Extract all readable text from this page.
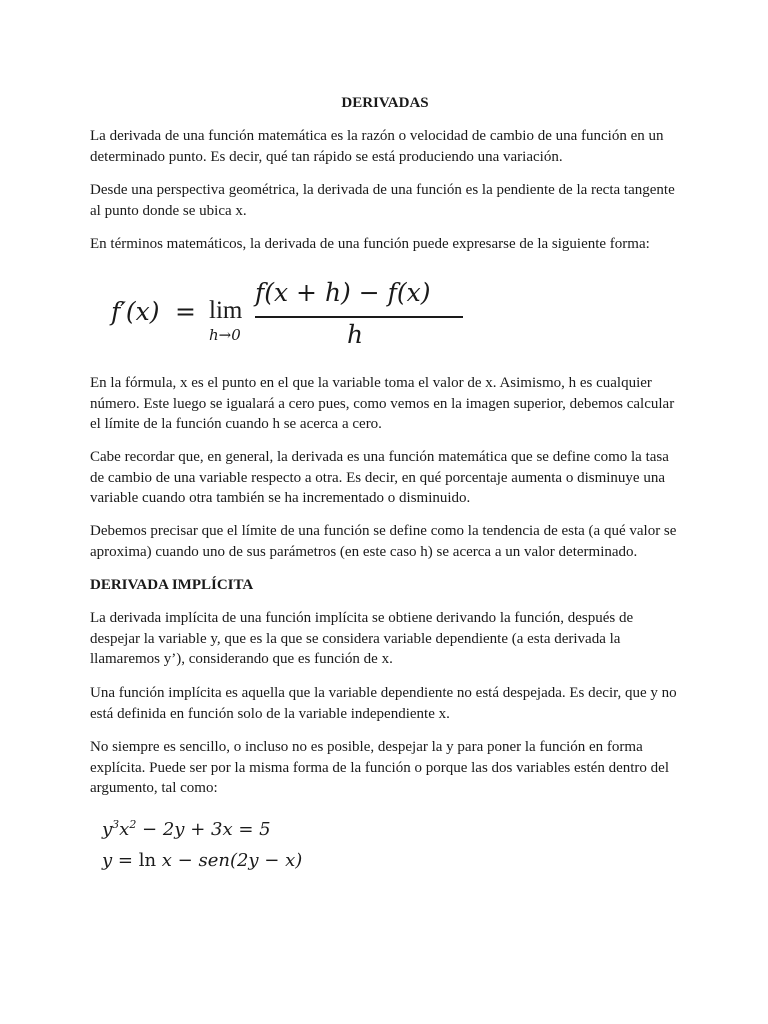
DERIVADAS

La derivada de una función matemática es la razón o velocidad de cambio de una función en un determinado punto. Es decir, qué tan rápido se está produciendo una variación.

Desde una perspectiva geométrica, la derivada de una función es la pendiente de la recta tangente al punto donde se ubica x.

En términos matemáticos, la derivada de una función puede expresarse de la siguiente forma:

f′(x) = lim
h→0
f(x + h) − f(x)
h

En la fórmula, x es el punto en el que la variable toma el valor de x. Asimismo, h es cualquier número. Este luego se igualará a cero pues, como vemos en la imagen superior, debemos calcular el límite de la función cuando h se acerca a cero.

Cabe recordar que, en general, la derivada es una función matemática que se define como la tasa de cambio de una variable respecto a otra. Es decir, en qué porcentaje aumenta o disminuye una variable cuando otra también se ha incrementado o disminuido.

Debemos precisar que el límite de una función se define como la tendencia de esta (a qué valor se aproxima) cuando uno de sus parámetros (en este caso h) se acerca a un valor determinado.

DERIVADA IMPLÍCITA

La derivada implícita de una función implícita se obtiene derivando la función, después de despejar la variable y, que es la que se considera variable dependiente (a esta derivada la llamaremos y’), considerando que es función de x.

Una función implícita es aquella que la variable dependiente no está despejada. Es decir, que y no está definida en función solo de la variable independiente x.

No siempre es sencillo, o incluso no es posible, despejar la y para poner la función en forma explícita. Puede ser por la misma forma de la función o porque las dos variables estén dentro del argumento, tal como:

$y^3x^2 - 2y + 3x = 5$
y = ln x − sen(2y − x)
